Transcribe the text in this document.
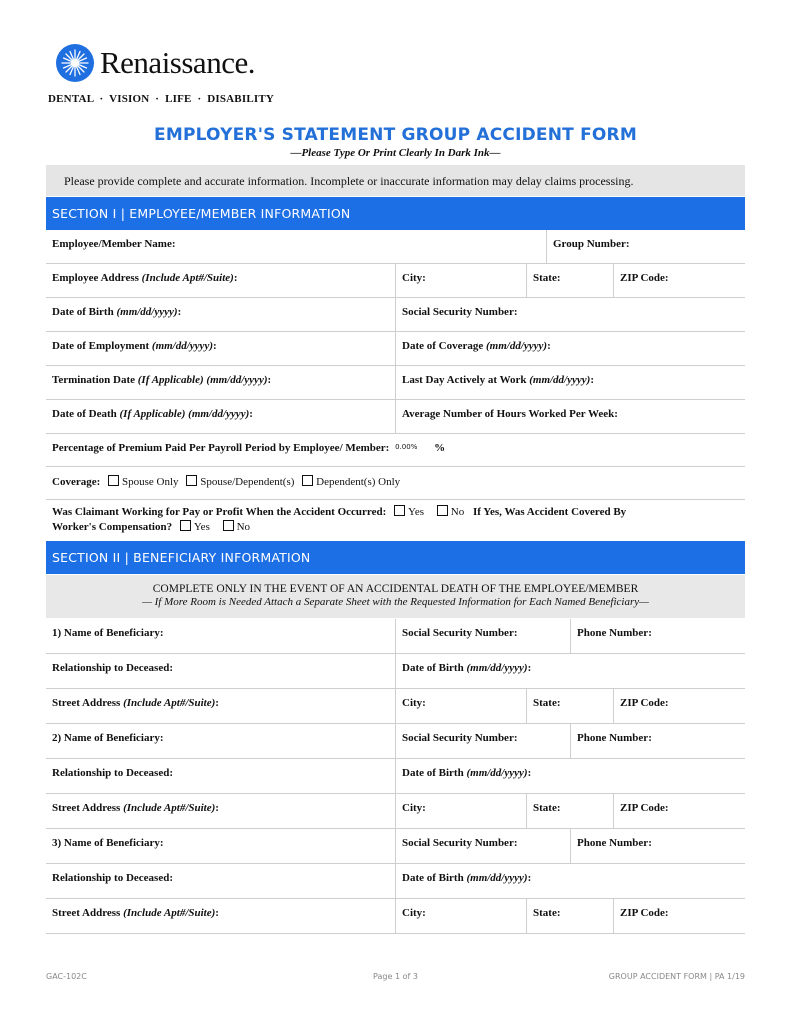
Renaissance.
DENTAL  ·  VISION  ·  LIFE  ·  DISABILITY
EMPLOYER'S STATEMENT GROUP ACCIDENT FORM
—Please Type Or Print Clearly In Dark Ink—
Please provide complete and accurate information. Incomplete or inaccurate information may delay claims processing.
SECTION I | EMPLOYEE/MEMBER INFORMATION
Employee/Member Name:	Group Number:
Employee Address (Include Apt#/Suite):	City:	State:	ZIP Code:
Date of Birth (mm/dd/yyyy):	Social Security Number:
Date of Employment (mm/dd/yyyy):	Date of Coverage (mm/dd/yyyy):
Termination Date (If Applicable) (mm/dd/yyyy):	Last Day Actively at Work (mm/dd/yyyy):
Date of Death (If Applicable) (mm/dd/yyyy):	Average Number of Hours Worked Per Week:
Percentage of Premium Paid Per Payroll Period by Employee/ Member: 0.00% %
Coverage: Spouse Only Spouse/Dependent(s) Dependent(s) Only
Was Claimant Working for Pay or Profit When the Accident Occurred: Yes No If Yes, Was Accident Covered By
Worker's Compensation? Yes No
SECTION II | BENEFICIARY INFORMATION
COMPLETE ONLY IN THE EVENT OF AN ACCIDENTAL DEATH OF THE EMPLOYEE/MEMBER
— If More Room is Needed Attach a Separate Sheet with the Requested Information for Each Named Beneficiary—
1) Name of Beneficiary:	Social Security Number:	Phone Number:
Relationship to Deceased:	Date of Birth (mm/dd/yyyy):
Street Address (Include Apt#/Suite):	City:	State:	ZIP Code:
2) Name of Beneficiary:	Social Security Number:	Phone Number:
Relationship to Deceased:	Date of Birth (mm/dd/yyyy):
Street Address (Include Apt#/Suite):	City:	State:	ZIP Code:
3) Name of Beneficiary:	Social Security Number:	Phone Number:
Relationship to Deceased:	Date of Birth (mm/dd/yyyy):
Street Address (Include Apt#/Suite):	City:	State:	ZIP Code:
GAC-102C	Page 1 of 3	GROUP ACCIDENT FORM | PA 1/19
